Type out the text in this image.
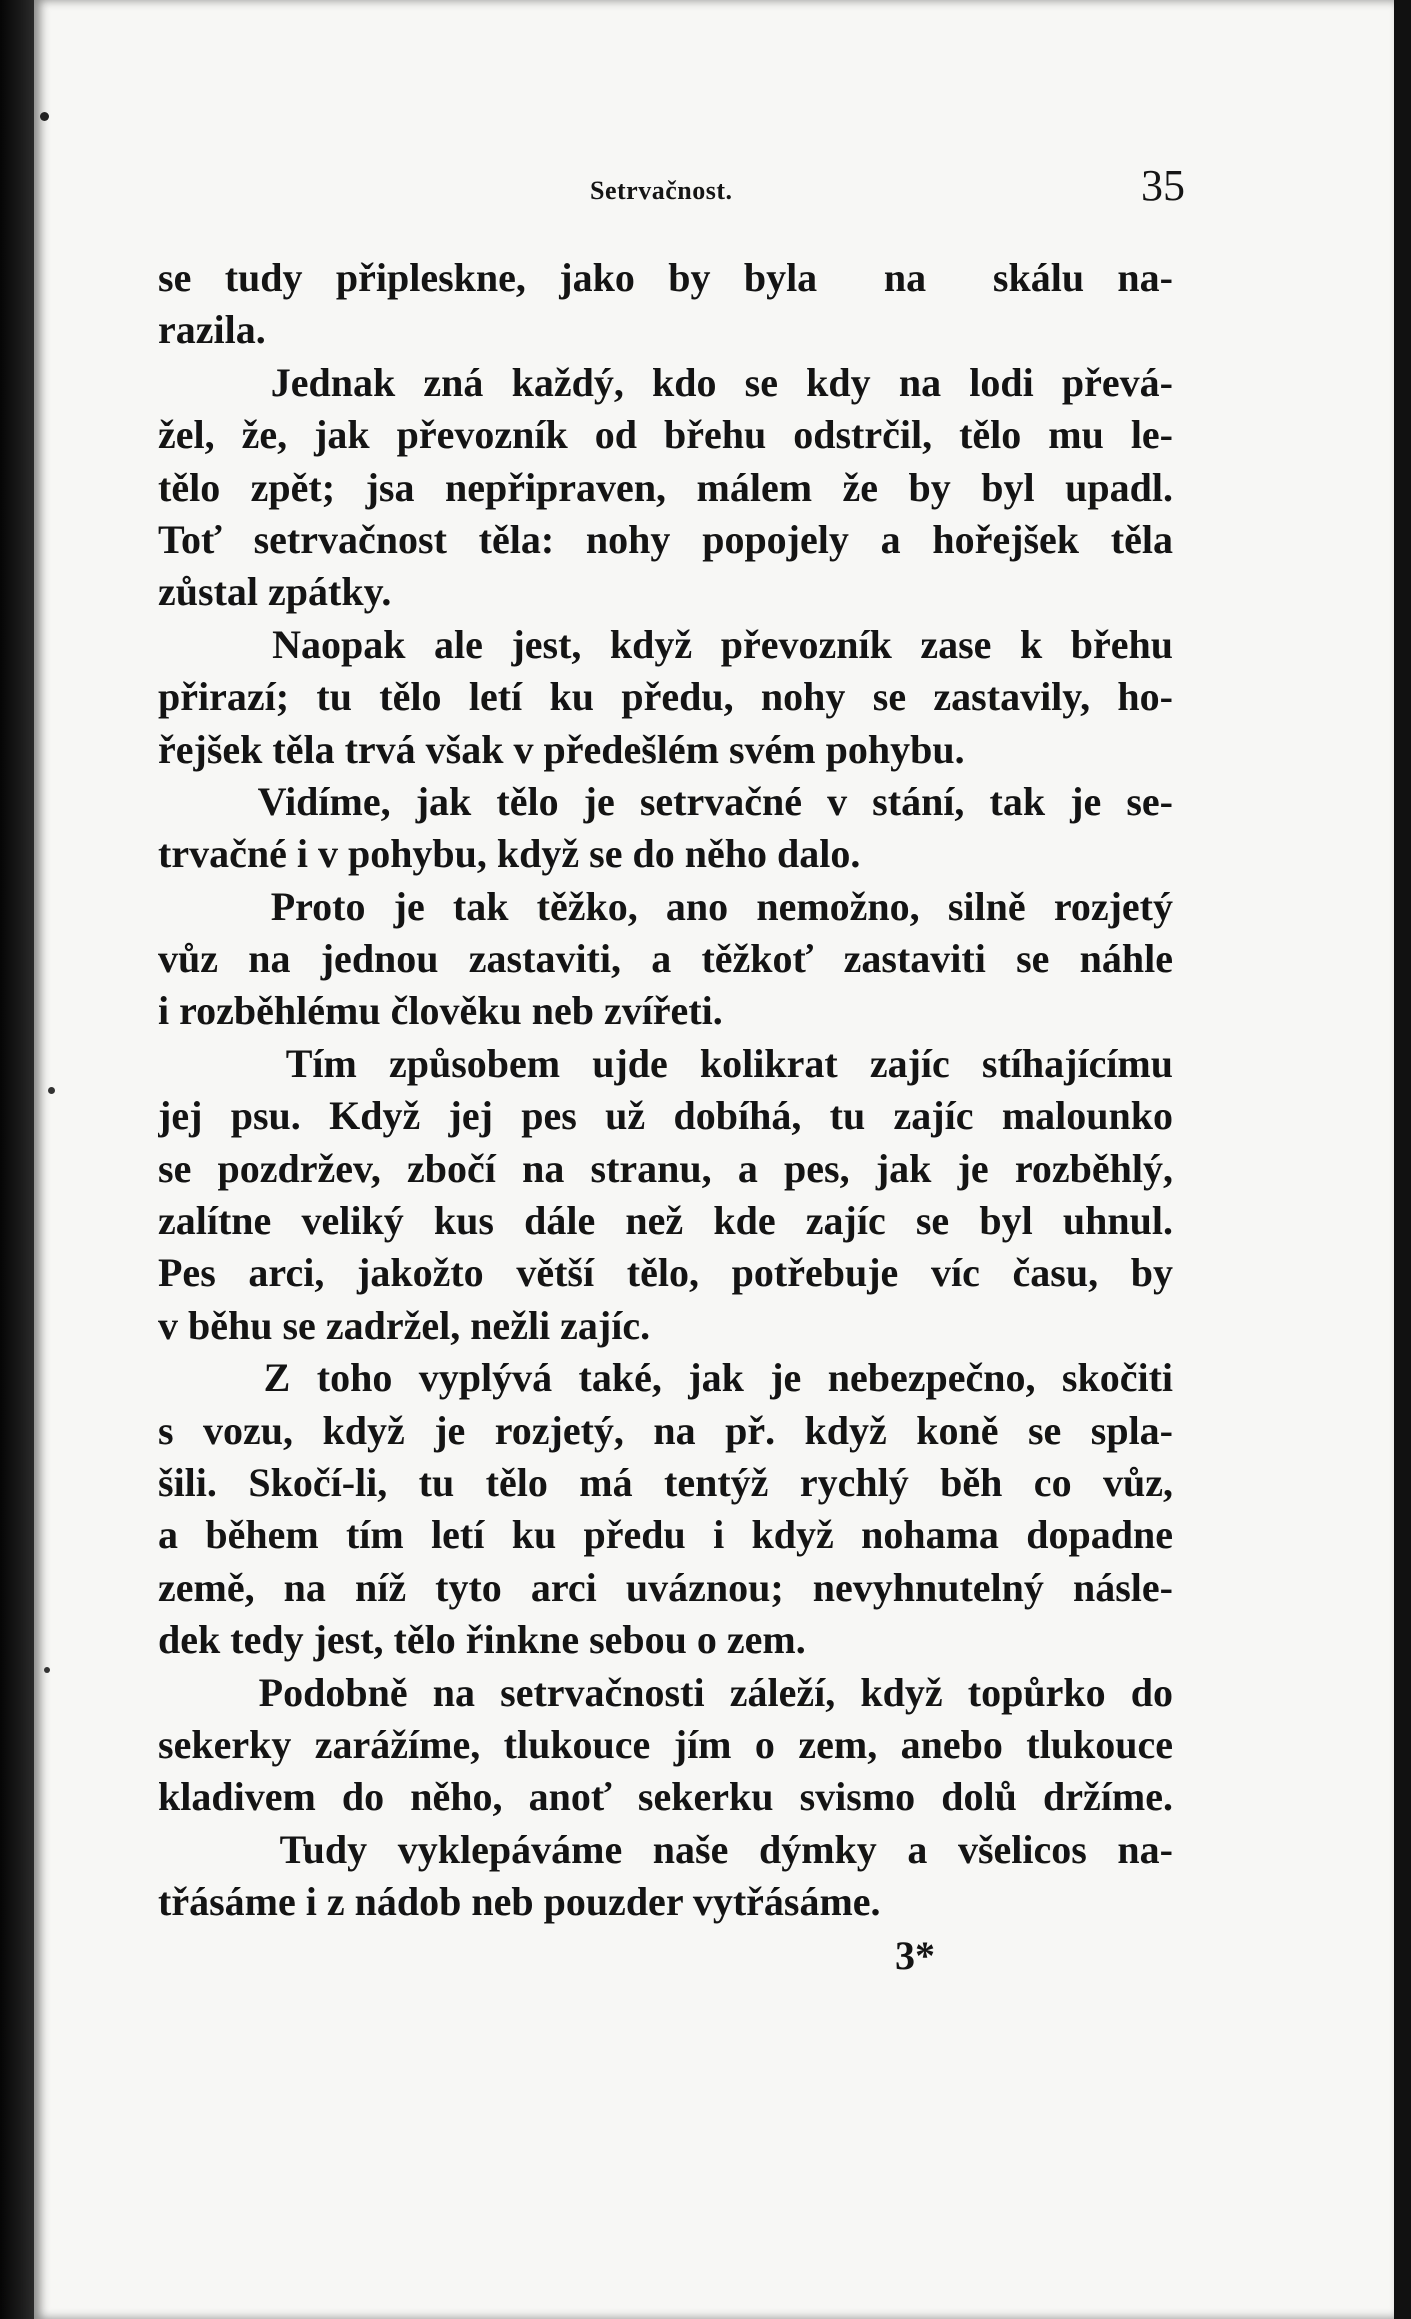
Setrvačnost.	35
se tudy připleskne, jako by byla  na  skálu na-
razila.
Jednak zná každý, kdo se kdy na lodi převá-
žel, že, jak převozník od břehu odstrčil, tělo mu le-
tělo zpět; jsa nepřipraven, málem že by byl upadl.
Toť setrvačnost těla: nohy popojely a hořejšek těla
zůstal zpátky.
Naopak ale jest, když převozník zase k břehu
přirazí; tu tělo letí ku předu, nohy se zastavily, ho-
řejšek těla trvá však v předešlém svém pohybu.
Vidíme, jak tělo je setrvačné v stání, tak je se-
trvačné i v pohybu, když se do něho dalo.
Proto je tak těžko, ano nemožno, silně rozjetý
vůz na jednou zastaviti, a těžkoť zastaviti se náhle
i rozběhlému člověku neb zvířeti.
Tím způsobem ujde kolikrat zajíc stíhajícímu
jej psu. Když jej pes už dobíhá, tu zajíc malounko
se pozdržev, zbočí na stranu, a pes, jak je rozběhlý,
zalítne veliký kus dále než kde zajíc se byl uhnul.
Pes arci, jakožto větší tělo, potřebuje víc času, by
v běhu se zadržel, nežli zajíc.
Z toho vyplývá také, jak je nebezpečno, skočiti
s vozu, když je rozjetý, na př. když koně se spla-
šili. Skočí-li, tu tělo má tentýž rychlý běh co vůz,
a během tím letí ku předu i když nohama dopadne
země, na níž tyto arci uváznou; nevyhnutelný násle-
dek tedy jest, tělo řinkne sebou o zem.
Podobně na setrvačnosti záleží, když topůrko do
sekerky zarážíme, tlukouce jím o zem, anebo tlukouce
kladivem do něho, anoť sekerku svismo dolů držíme.
Tudy vyklepáváme naše dýmky a všelicos na-
třásáme i z nádob neb pouzder vytřásáme.
3*
